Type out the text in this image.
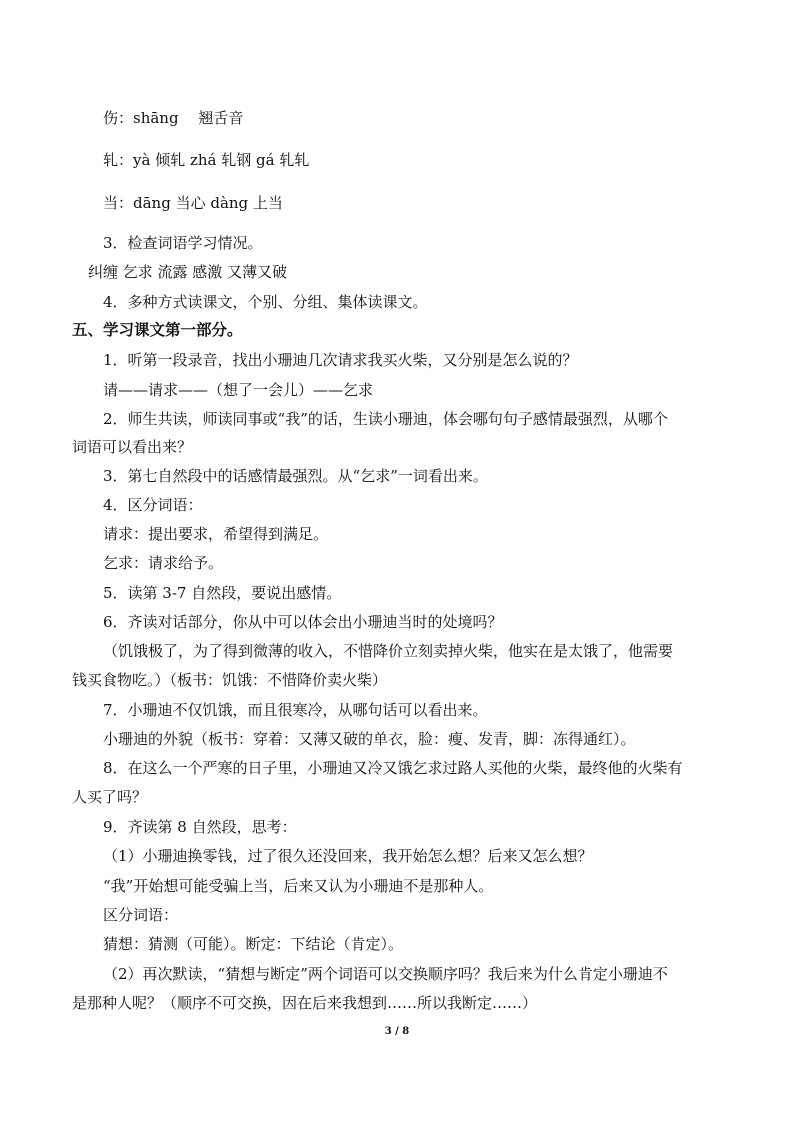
伤：shāng　 翘舌音
轧：yà 倾轧 zhá 轧钢 gá 轧轧
当：dāng 当心 dàng 上当
3．检查词语学习情况。
纠缠 乞求 流露 感激 又薄又破
4．多种方式读课文，个别、分组、集体读课文。
五、学习课文第一部分。
1．听第一段录音，找出小珊迪几次请求我买火柴，又分别是怎么说的？
请——请求——（想了一会儿）——乞求
2．师生共读，师读同事或“我”的话，生读小珊迪，体会哪句句子感情最强烈，从哪个
词语可以看出来？
3．第七自然段中的话感情最强烈。从“乞求”一词看出来。
4．区分词语：
请求：提出要求，希望得到满足。
乞求：请求给予。
5．读第 3-7 自然段，要说出感情。
6．齐读对话部分，你从中可以体会出小珊迪当时的处境吗？
（饥饿极了，为了得到微薄的收入，不惜降价立刻卖掉火柴，他实在是太饿了，他需要
钱买食物吃。）（板书：饥饿：不惜降价卖火柴）
7．小珊迪不仅饥饿，而且很寒冷，从哪句话可以看出来。
小珊迪的外貌（板书：穿着：又薄又破的单衣，脸：瘦、发青，脚：冻得通红）。
8．在这么一个严寒的日子里，小珊迪又冷又饿乞求过路人买他的火柴，最终他的火柴有
人买了吗？
9．齐读第 8 自然段，思考：
（1）小珊迪换零钱，过了很久还没回来，我开始怎么想？后来又怎么想？
“我”开始想可能受骗上当，后来又认为小珊迪不是那种人。
区分词语：
猜想：猜测（可能）。断定：下结论（肯定）。
（2）再次默读，“猜想与断定”两个词语可以交换顺序吗？我后来为什么肯定小珊迪不
是那种人呢？（顺序不可交换，因在后来我想到……所以我断定……）
3 / 8
